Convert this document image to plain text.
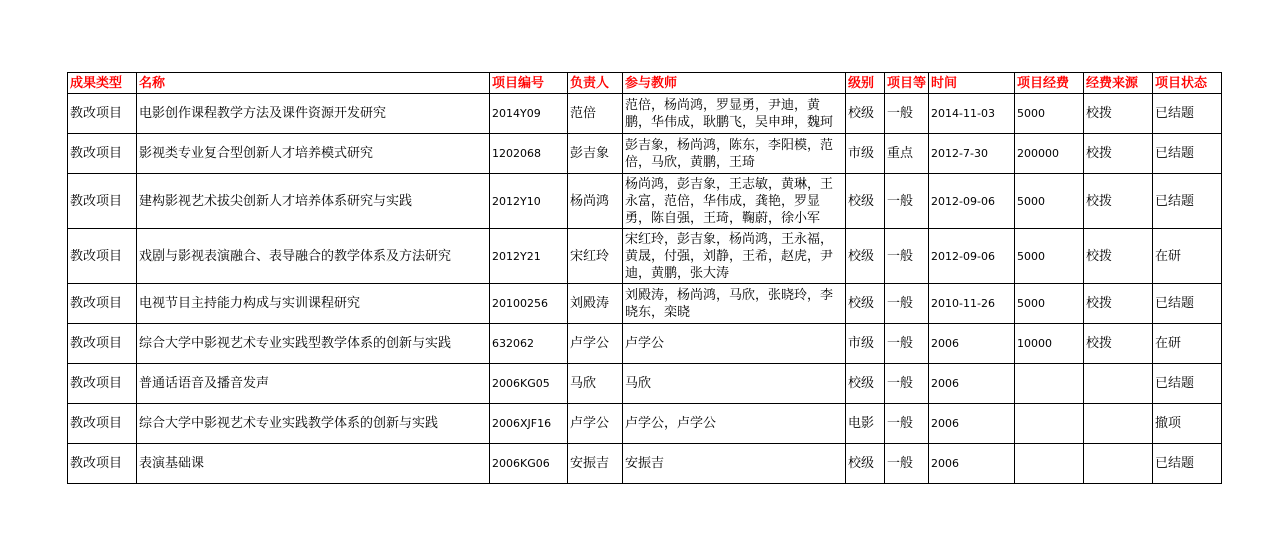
成果类型	名称	项目编号	负责人	参与教师	级别	项目等	时间	项目经费	经费来源	项目状态
教改项目	电影创作课程教学方法及课件资源开发研究	2014Y09	范倍	范倍，杨尚鸿，罗显勇，尹迪，黄鹏，华伟成，耿鹏飞，吴申珅，魏珂	校级	一般	2014-11-03	5000	校拨	已结题
教改项目	影视类专业复合型创新人才培养模式研究	1202068	彭吉象	彭吉象，杨尚鸿，陈东，李阳模，范倍，马欣，黄鹏，王琦	市级	重点	2012-7-30	200000	校拨	已结题
教改项目	建构影视艺术拔尖创新人才培养体系研究与实践	2012Y10	杨尚鸿	杨尚鸿，彭吉象，王志敏，黄琳，王永富，范倍，华伟成，龚艳，罗显勇，陈自强，王琦，鞠蔚，徐小军	校级	一般	2012-09-06	5000	校拨	已结题
教改项目	戏剧与影视表演融合、表导融合的教学体系及方法研究	2012Y21	宋红玲	宋红玲，彭吉象，杨尚鸿，王永福，黄晟，付强，刘静，王希，赵虎，尹迪，黄鹏，张大涛	校级	一般	2012-09-06	5000	校拨	在研
教改项目	电视节目主持能力构成与实训课程研究	20100256	刘殿涛	刘殿涛，杨尚鸿，马欣，张晓玲，李晓东，栾晓	校级	一般	2010-11-26	5000	校拨	已结题
教改项目	综合大学中影视艺术专业实践型教学体系的创新与实践	632062	卢学公	卢学公	市级	一般	2006	10000	校拨	在研
教改项目	普通话语音及播音发声	2006KG05	马欣	马欣	校级	一般	2006			已结题
教改项目	综合大学中影视艺术专业实践教学体系的创新与实践	2006XJF16	卢学公	卢学公，卢学公	电影	一般	2006			撤项
教改项目	表演基础课	2006KG06	安振吉	安振吉	校级	一般	2006			已结题
